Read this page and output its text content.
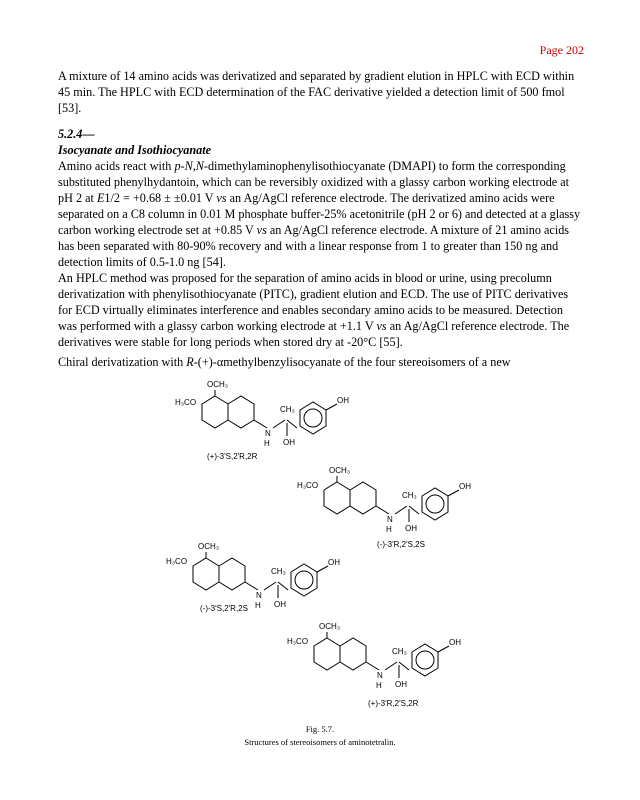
Page 202

A mixture of 14 amino acids was derivatized and separated by gradient elution in HPLC with ECD within 45 min. The HPLC with ECD determination of the FAC derivative yielded a detection limit of 500 fmol [53].

5.2.4—

Isocyanate and Isothiocyanate

Amino acids react with p-N,N-dimethylaminophenylisothiocyanate (DMAPI) to form the corresponding substituted phenylhydantoin, which can be reversibly oxidized with a glassy carbon working electrode at pH 2 at E1/2 = +0.68 ± ±0.01 V vs an Ag/AgCl reference electrode. The derivatized amino acids were separated on a C8 column in 0.01 M phosphate buffer-25% acetonitrile (pH 2 or 6) and detected at a glassy carbon working electrode set at +0.85 V vs an Ag/AgCl reference electrode. A mixture of 21 amino acids has been separated with 80-90% recovery and with a linear response from 1 to greater than 150 ng and detection limits of 0.5-1.0 ng [54].

An HPLC method was proposed for the separation of amino acids in blood or urine, using precolumn derivatization with phenylisothiocyanate (PITC), gradient elution and ECD. The use of PITC derivatives for ECD virtually eliminates interference and enables secondary amino acids to be measured. Detection was performed with a glassy carbon working electrode at +1.1 V vs an Ag/AgCl reference electrode. The derivatives were stable for long periods when stored dry at -20°C [55].

Chiral derivatization with R-(+)-αmethylbenzylisocyanate of the four stereoisomers of a new

OCH₃
H₃CO
N
H
CH₃
OH
OH
(+)-3'S,2'R,2R
OCH₃
H₃CO
N
H
CH₃
OH
OH
(-)-3'R,2'S,2S
OCH₃
H₃CO
N
H
CH₃
OH
OH
(-)-3'S,2'R,2S
OCH₃
H₃CO
N
H
CH₃
OH
OH
(+)-3'R,2'S,2R
Fig. 5.7.
Structures of stereoisomers of aminotetralin.
